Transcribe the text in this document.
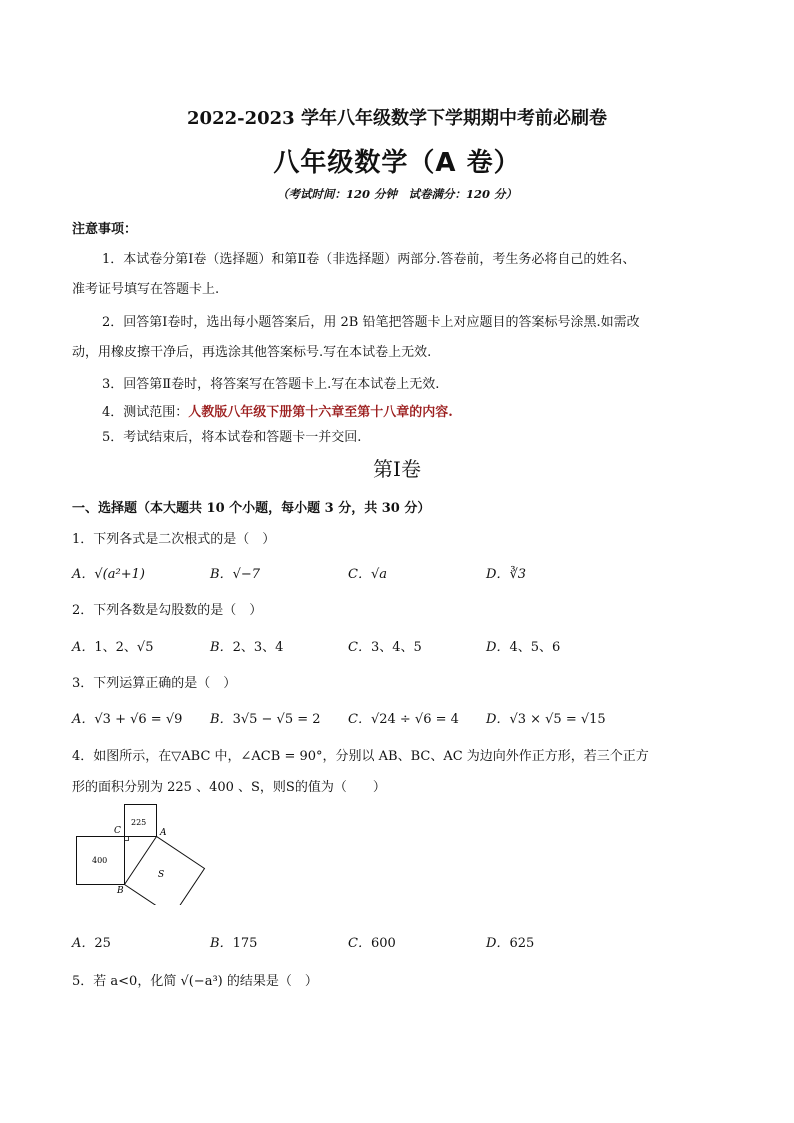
2022-2023 学年八年级数学下学期期中考前必刷卷
八年级数学（A 卷）
（考试时间：120 分钟　试卷满分：120 分）
注意事项：
1．本试卷分第Ⅰ卷（选择题）和第Ⅱ卷（非选择题）两部分.答卷前，考生务必将自己的姓名、
准考证号填写在答题卡上.
2．回答第Ⅰ卷时，选出每小题答案后，用 2B 铅笔把答题卡上对应题目的答案标号涂黑.如需改
动，用橡皮擦干净后，再选涂其他答案标号.写在本试卷上无效.
3．回答第Ⅱ卷时，将答案写在答题卡上.写在本试卷上无效.
4．测试范围：人教版八年级下册第十六章至第十八章的内容.
5．考试结束后，将本试卷和答题卡一并交回.
第Ⅰ卷
一、选择题（本大题共 10 个小题，每小题 3 分，共 30 分）
1．下列各式是二次根式的是（　）
A．√(a²+1)	B．√−7	C．√a	D．∛3
2．下列各数是勾股数的是（　）
A．1、2、√5	B．2、3、4	C．3、4、5	D．4、5、6
3．下列运算正确的是（　）
A．√3 + √6 = √9 B．3√5 − √5 = 2 C．√24 ÷ √6 = 4 D．√3 × √5 = √15
4．如图所示，在▽ABC 中，∠ACB = 90°，分别以 AB、BC、AC 为边向外作正方形，若三个正方
形的面积分别为 225 、400 、S，则S的值为（　　）
225
400
S
A
B
C
A．25	B．175	C．600	D．625
5．若 a<0，化简 √(−a³) 的结果是（　）
